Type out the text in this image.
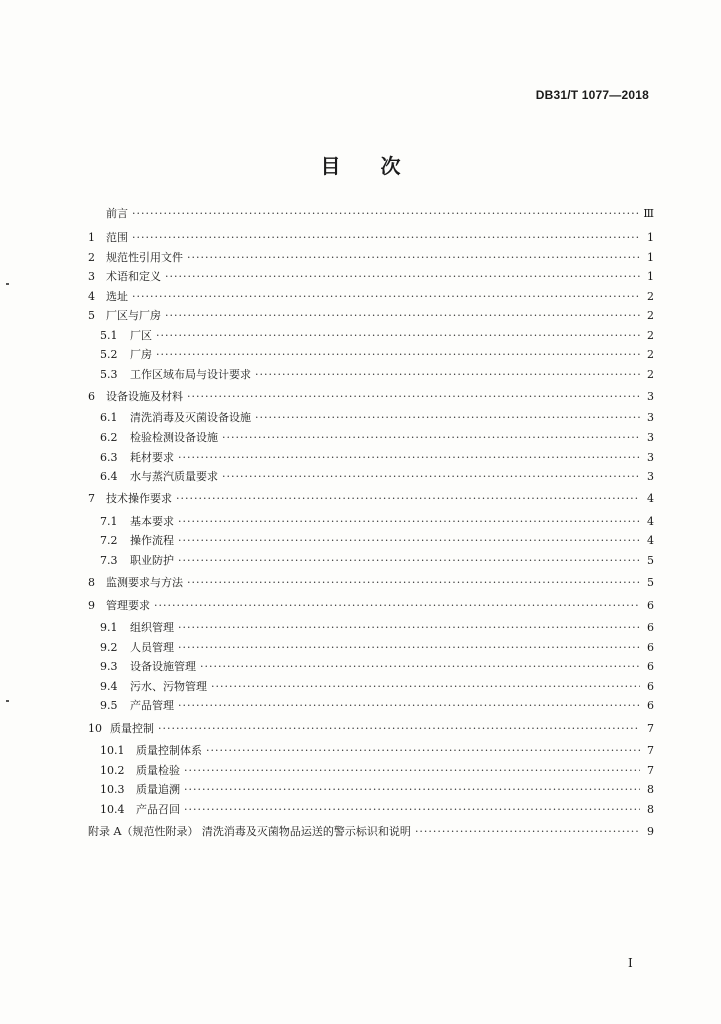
DB31/T 1077—2018
目 次
前言 ·····	Ⅲ
1	范围 ·····	1
2	规范性引用文件 ·····	1
3	术语和定义 ·····	1
4	选址 ·····	2
5	厂区与厂房 ·····	2
5.1	厂区 ·····	2
5.2	厂房 ·····	2
5.3	工作区域布局与设计要求 ·····	2
6	设备设施及材料 ·····	3
6.1	清洗消毒及灭菌设备设施 ·····	3
6.2	检验检测设备设施 ·····	3
6.3	耗材要求 ·····	3
6.4	水与蒸汽质量要求 ·····	3
7	技术操作要求 ·····	4
7.1	基本要求 ·····	4
7.2	操作流程 ·····	4
7.3	职业防护 ·····	5
8	监测要求与方法 ·····	5
9	管理要求 ·····	6
9.1	组织管理 ·····	6
9.2	人员管理 ·····	6
9.3	设备设施管理 ·····	6
9.4	污水、污物管理 ·····	6
9.5	产品管理 ·····	6
10 质量控制 ·····	7
10.1	质量控制体系 ·····	7
10.2	质量检验 ·····	7
10.3	质量追溯 ·····	8
10.4	产品召回 ·····	8
附录 A（规范性附录） 清洗消毒及灭菌物品运送的警示标识和说明 ·····	9
I
